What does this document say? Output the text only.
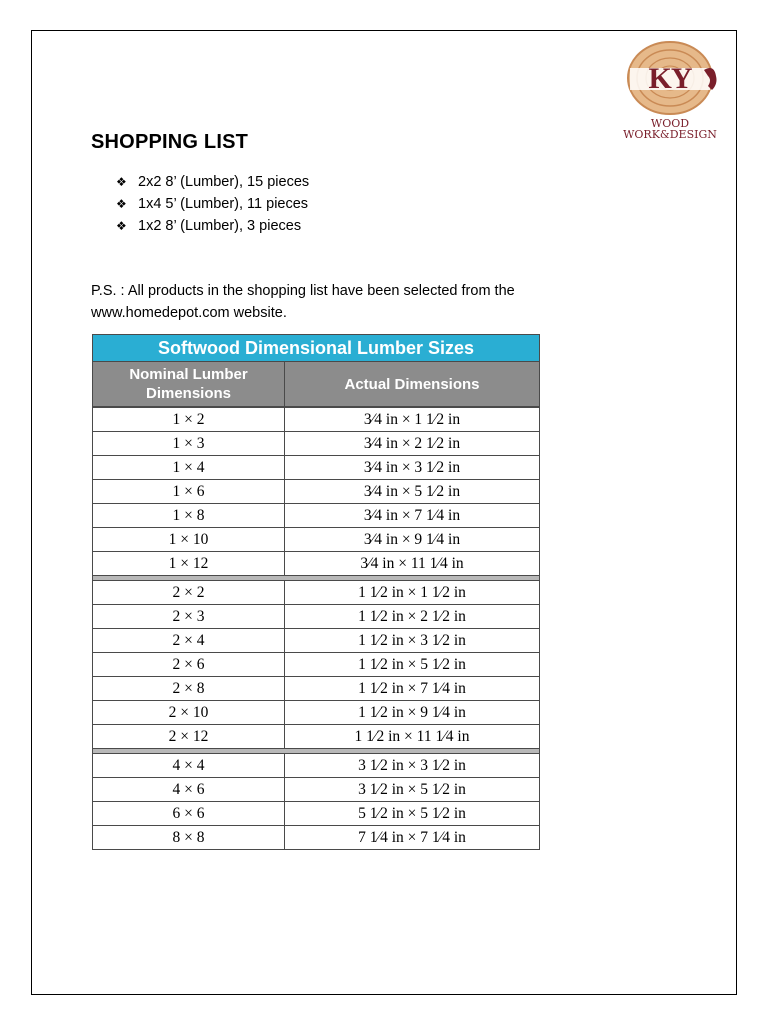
KY
WOOD
WORK&DESIGN
SHOPPING LIST
❖ 2x2 8’ (Lumber), 15 pieces
❖ 1x4 5’ (Lumber), 11 pieces
❖ 1x2 8’ (Lumber), 3 pieces
P.S. : All products in the shopping list have been selected from the www.homedepot.com website.
Softwood Dimensional Lumber Sizes
Nominal Lumber Dimensions
Actual Dimensions
1 × 2	3⁄4 in × 1 1⁄2 in
1 × 3	3⁄4 in × 2 1⁄2 in
1 × 4	3⁄4 in × 3 1⁄2 in
1 × 6	3⁄4 in × 5 1⁄2 in
1 × 8	3⁄4 in × 7 1⁄4 in
1 × 10	3⁄4 in × 9 1⁄4 in
1 × 12	3⁄4 in × 11 1⁄4 in
2 × 2	1 1⁄2 in × 1 1⁄2 in
2 × 3	1 1⁄2 in × 2 1⁄2 in
2 × 4	1 1⁄2 in × 3 1⁄2 in
2 × 6	1 1⁄2 in × 5 1⁄2 in
2 × 8	1 1⁄2 in × 7 1⁄4 in
2 × 10	1 1⁄2 in × 9 1⁄4 in
2 × 12	1 1⁄2 in × 11 1⁄4 in
4 × 4	3 1⁄2 in × 3 1⁄2 in
4 × 6	3 1⁄2 in × 5 1⁄2 in
6 × 6	5 1⁄2 in × 5 1⁄2 in
8 × 8	7 1⁄4 in × 7 1⁄4 in
